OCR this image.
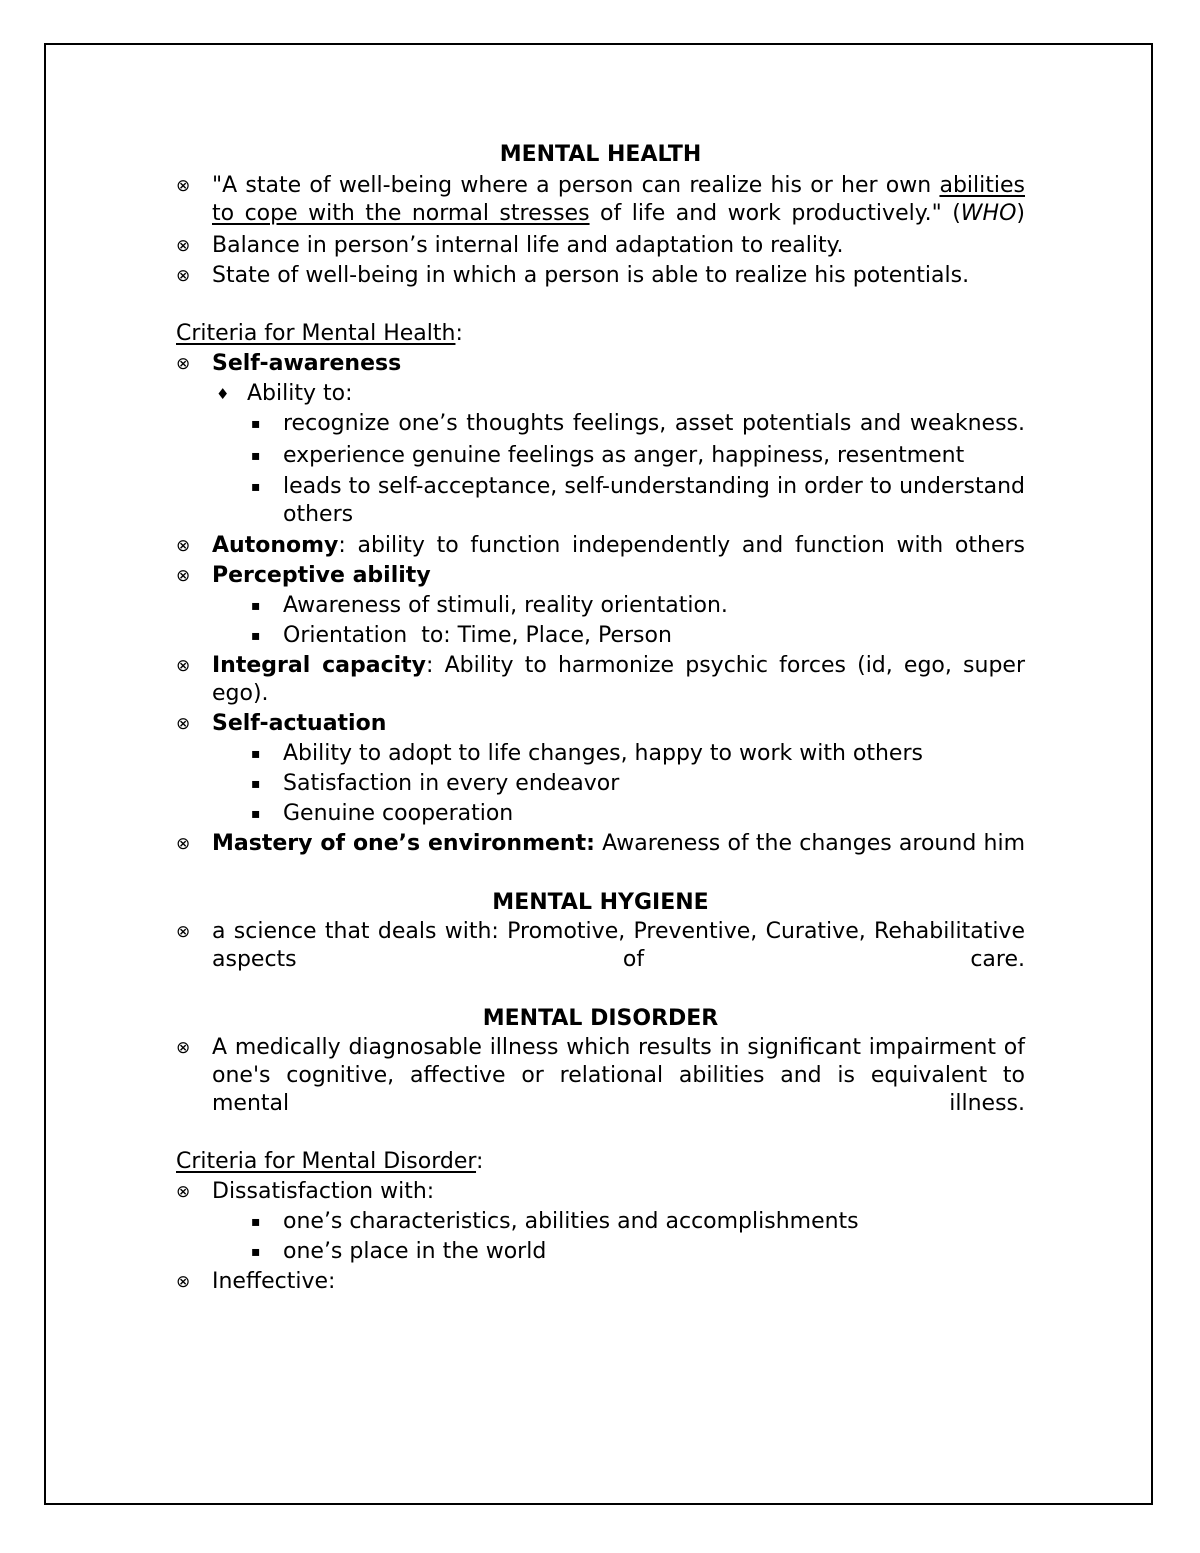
MENTAL HEALTH
⊗ "A state of well-being where a person can realize his or her own abilities to cope with the normal stresses of life and work productively." (WHO)
⊗ Balance in person’s internal life and adaptation to reality.
⊗ State of well-being in which a person is able to realize his potentials.
Criteria for Mental Health:
⊗ Self-awareness
♦ Ability to:
▪	recognize one’s thoughts feelings, asset potentials and weakness.
▪	experience genuine feelings as anger, happiness, resentment
▪	leads to self-acceptance, self-understanding in order to understand others
⊗ Autonomy: ability to function independently and function with others
⊗ Perceptive ability
▪	Awareness of stimuli, reality orientation.
▪	Orientation  to: Time, Place, Person
⊗ Integral capacity: Ability to harmonize psychic forces (id, ego, super ego).
⊗ Self-actuation
▪	Ability to adopt to life changes, happy to work with others
▪	Satisfaction in every endeavor
▪	Genuine cooperation
⊗ Mastery of one’s environment: Awareness of the changes around him
MENTAL HYGIENE
⊗ a science that deals with: Promotive, Preventive, Curative, Rehabilitative aspects of care.
MENTAL DISORDER
⊗ A medically diagnosable illness which results in significant impairment of one's cognitive, affective or relational abilities and is equivalent to mental illness.
Criteria for Mental Disorder:
⊗ Dissatisfaction with:
▪	one’s characteristics, abilities and accomplishments
▪	one’s place in the world
⊗ Ineffective:
